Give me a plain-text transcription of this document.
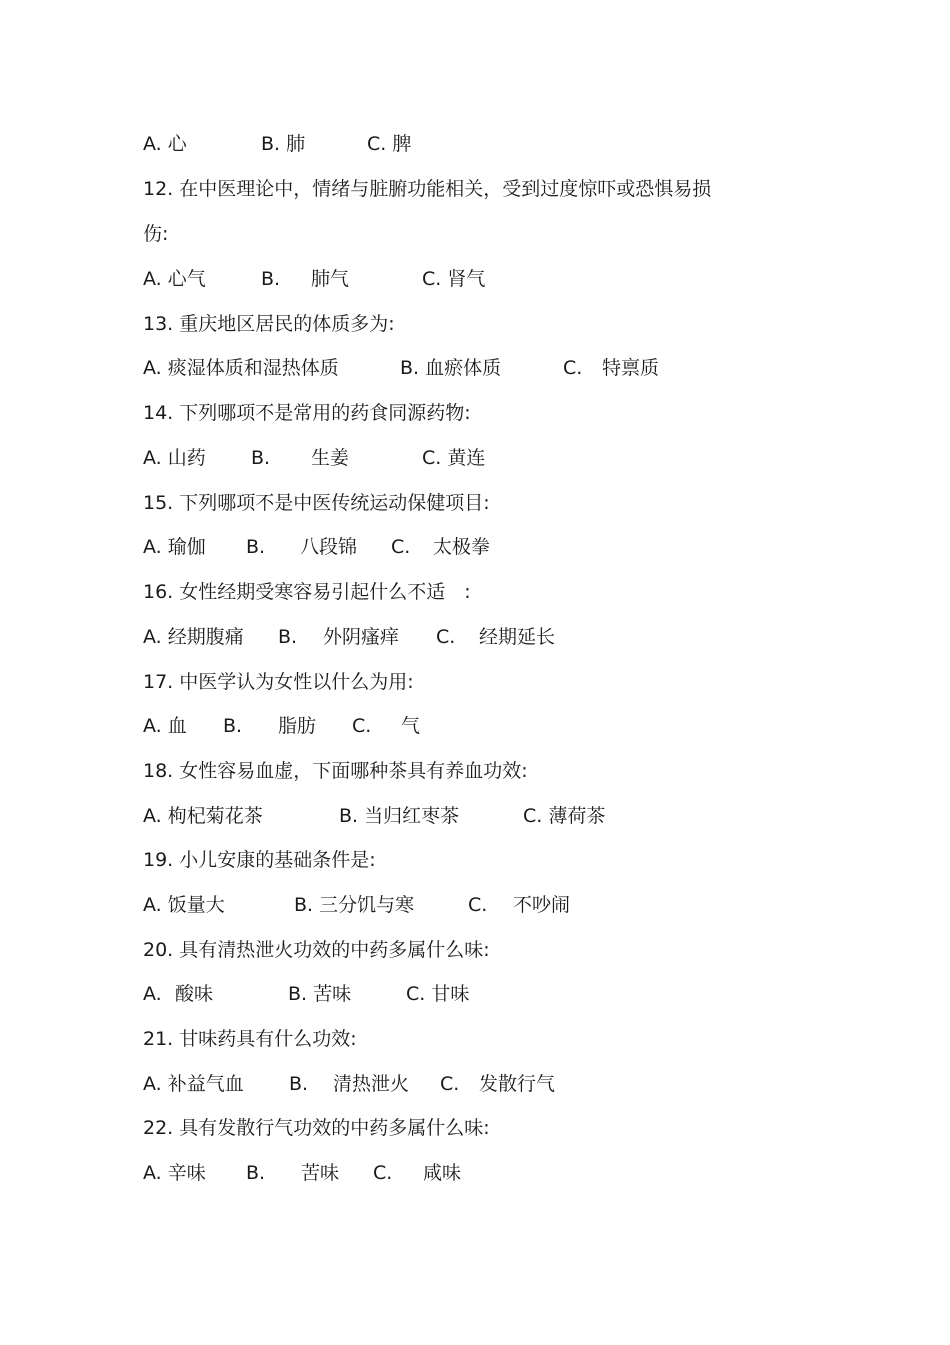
A. 心	B. 肺	C. 脾
12. 在中医理论中，情绪与脏腑功能相关，受到过度惊吓或恐惧易损
伤:
A. 心气	B. 肺气	C. 肾气
13. 重庆地区居民的体质多为:
A. 痰湿体质和湿热体质	B. 血瘀体质	C. 特禀质
14. 下列哪项不是常用的药食同源药物:
A. 山药 B. 生姜	C. 黄连
15. 下列哪项不是中医传统运动保健项目:
A. 瑜伽 B. 八段锦 C. 太极拳
16. 女性经期受寒容易引起什么不适　:
A. 经期腹痛 B. 外阴瘙痒 C. 经期延长
17. 中医学认为女性以什么为用:
A. 血 B. 脂肪 C. 气
18. 女性容易血虚，下面哪种茶具有养血功效:
A. 枸杞菊花茶	B. 当归红枣茶	C. 薄荷茶
19. 小儿安康的基础条件是:
A. 饭量大	B. 三分饥与寒	C. 不吵闹
20. 具有清热泄火功效的中药多属什么味:
A. 酸味	B. 苦味	C. 甘味
21. 甘味药具有什么功效:
A. 补益气血 B. 清热泄火 C. 发散行气
22. 具有发散行气功效的中药多属什么味:
A. 辛味 B. 苦味 C. 咸味
